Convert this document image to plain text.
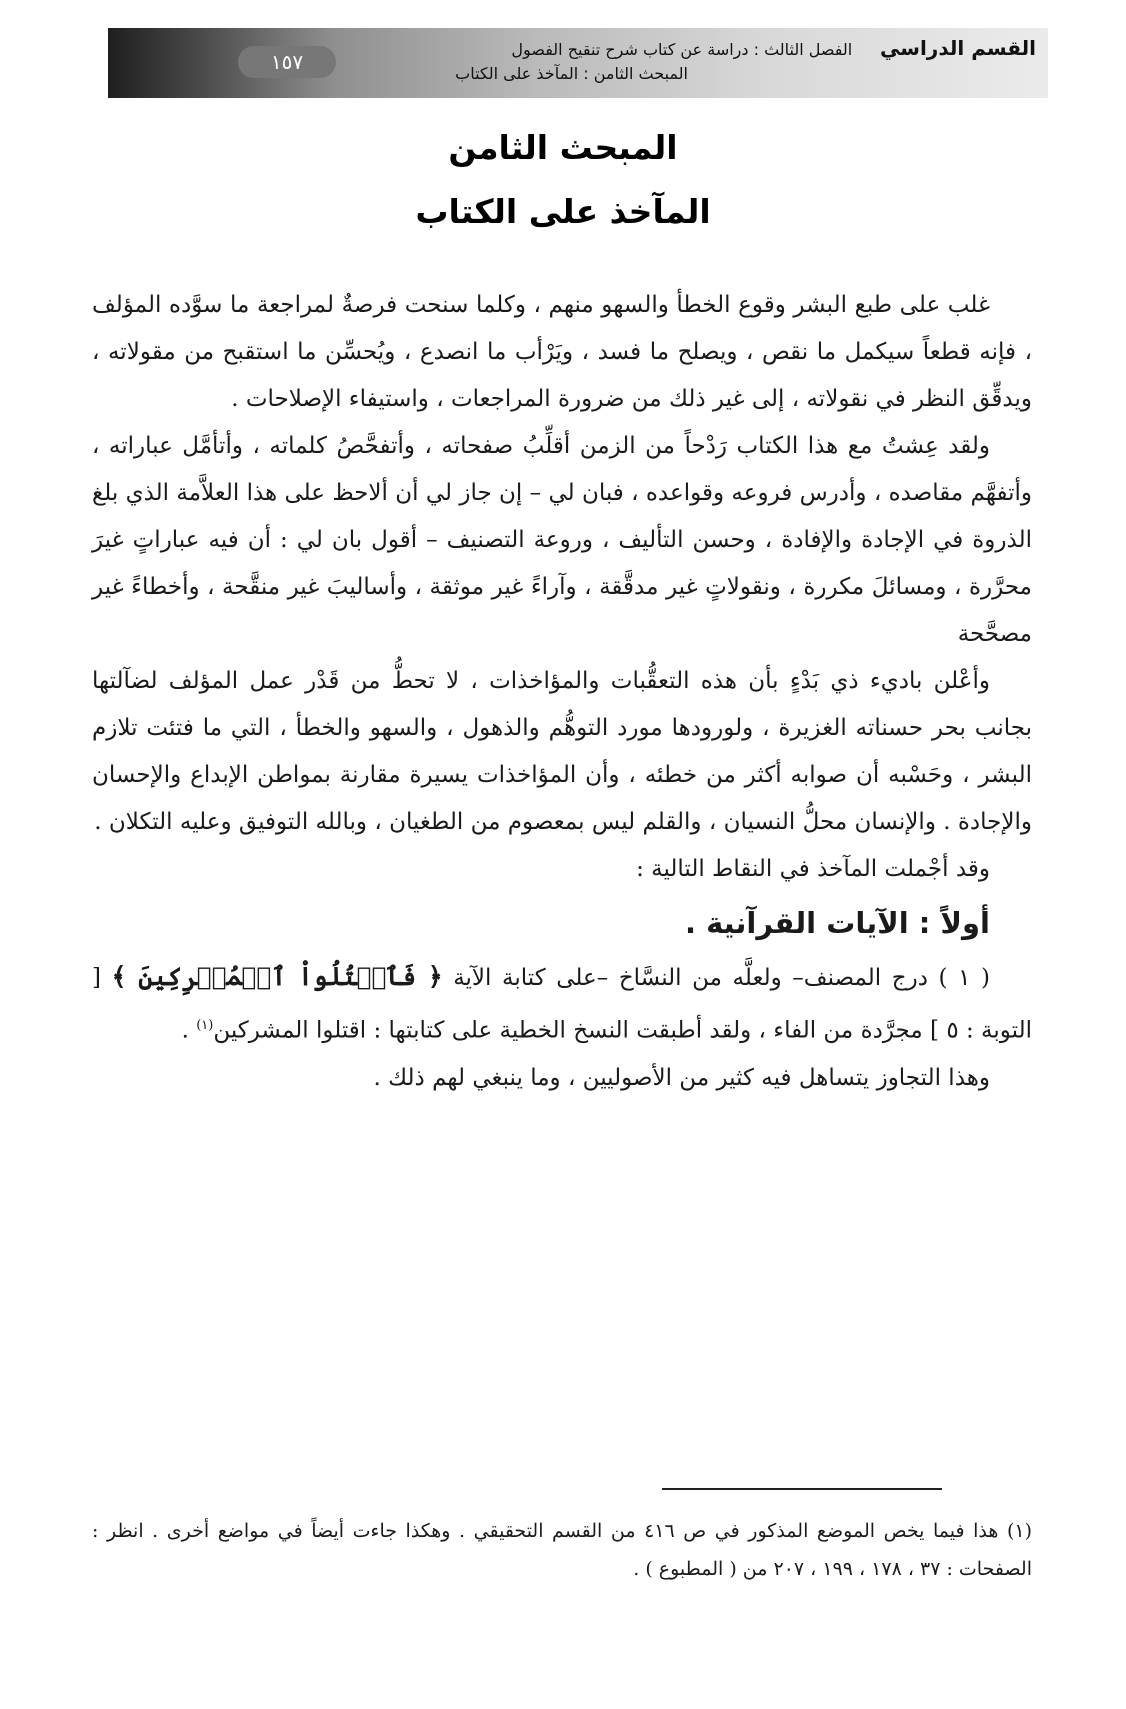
١٥٧
القسم الدراسي    الفصل الثالث : دراسة عن كتاب شرح تنقيح الفصول
المبحث الثامن : المآخذ على الكتاب
المبحث الثامن
المآخذ على الكتاب

غلب على طبع البشر وقوع الخطأ والسهو منهم ، وكلما سنحت فرصةٌ لمراجعة ما سوَّده المؤلف ، فإنه قطعاً سيكمل ما نقص ، ويصلح ما فسد ، ويَرْأب ما انصدع ، ويُحسِّن ما استقبح من مقولاته ، ويدقِّق النظر في نقولاته ، إلى غير ذلك من ضرورة المراجعات ، واستيفاء الإصلاحات .

ولقد عِشتُ مع هذا الكتاب رَدْحاً من الزمن أقلِّبُ صفحاته ، وأتفحَّصُ كلماته ، وأتأمَّل عباراته ، وأتفهَّم مقاصده ، وأدرس فروعه وقواعده ، فبان لي – إن جاز لي أن ألاحظ على هذا العلاَّمة الذي بلغ الذروة في الإجادة والإفادة ، وحسن التأليف ، وروعة التصنيف – أقول بان لي : أن فيه عباراتٍ غيرَ محرَّرة ، ومسائلَ مكررة ، ونقولاتٍ غير مدقَّقة ، وآراءً غير موثقة ، وأساليبَ غير منقَّحة ، وأخطاءً غير مصحَّحة

وأعْلن باديء ذي بَدْءٍ بأن هذه التعقُّبات والمؤاخذات ، لا تحطُّ من قَدْر عمل المؤلف لضآلتها بجانب بحر حسناته الغزيرة ، ولورودها مورد التوهُّم والذهول ، والسهو والخطأ ، التي ما فتئت تلازم البشر ، وحَسْبه أن صوابه أكثر من خطئه ، وأن المؤاخذات يسيرة مقارنة بمواطن الإبداع والإحسان والإجادة . والإنسان محلُّ النسيان ، والقلم ليس بمعصوم من الطغيان ، وبالله التوفيق وعليه التكلان .

وقد أجْملت المآخذ في النقاط التالية :

أولاً : الآيات القرآنية .

( ١ ) درج المصنف– ولعلَّه من النسَّاخ –على كتابة الآية ﴿ فَٱقۡتُلُواْ ٱلۡمُشۡرِكِينَ ﴾ [ التوبة : ٥ ] مجرَّدة من الفاء ، ولقد أطبقت النسخ الخطية على كتابتها : اقتلوا المشركين$^{(١)}$ .

وهذا التجاوز يتساهل فيه كثير من الأصوليين ، وما ينبغي لهم ذلك .

(١) هذا فيما يخص الموضع المذكور في ص ٤١٦ من القسم التحقيقي . وهكذا جاءت أيضاً في مواضع أخرى . انظر : الصفحات : ٣٧ ، ١٧٨ ، ١٩٩ ، ٢٠٧ من ( المطبوع ) .
